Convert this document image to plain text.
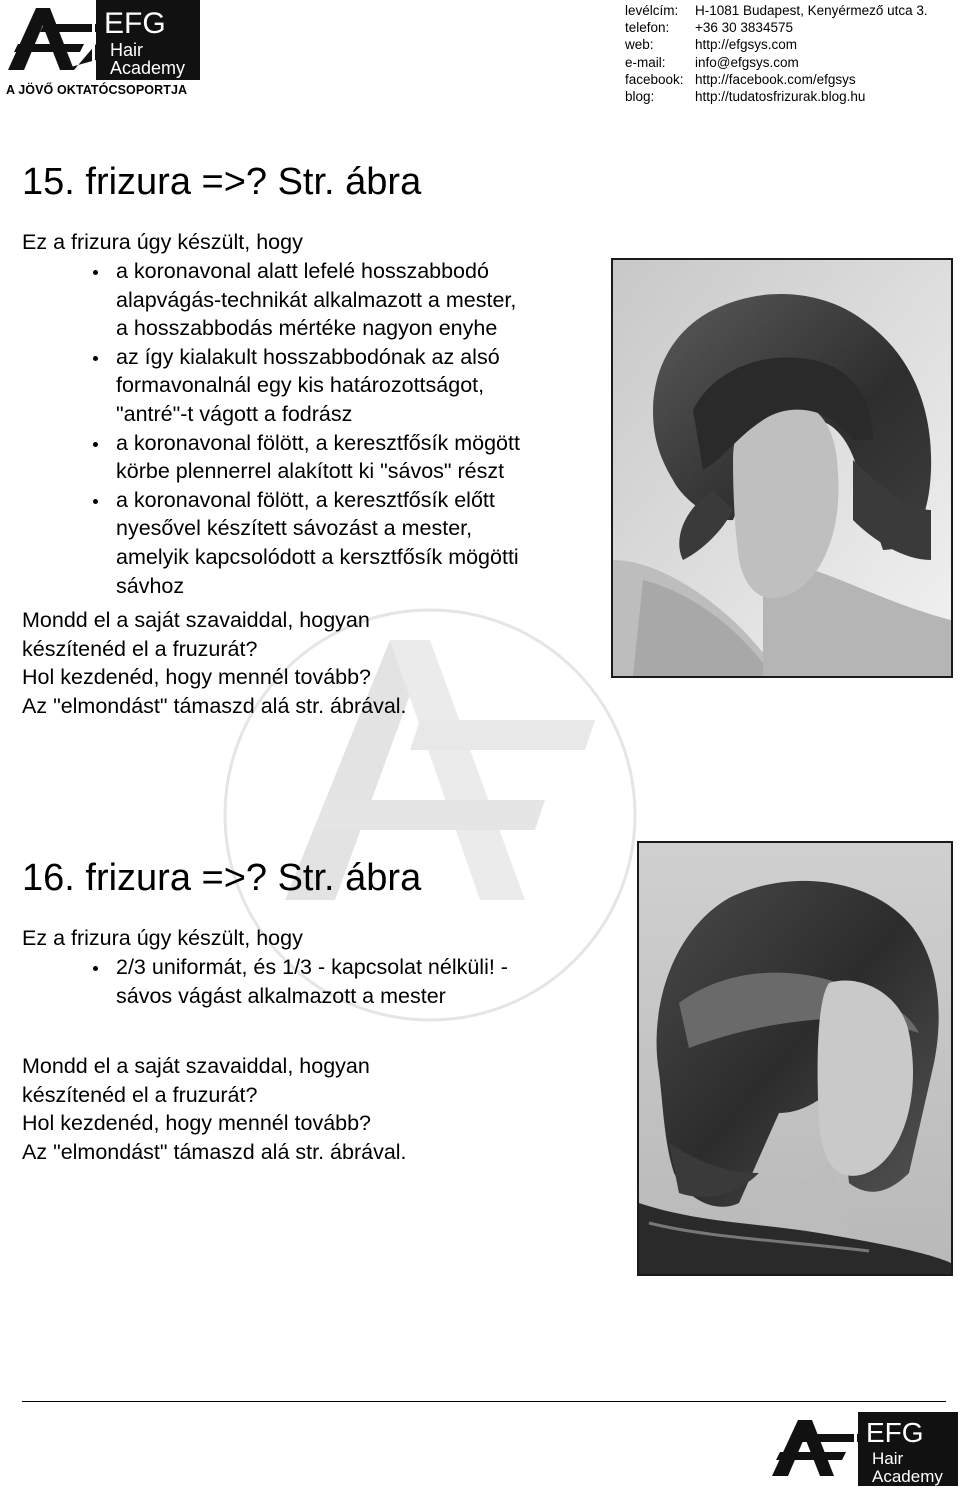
EFG
Hair
Academy
A JÖVŐ OKTATÓCSOPORTJA
levélcím: H-1081 Budapest, Kenyérmező utca 3.
telefon: +36 30 3834575
web:	http://efgsys.com
e-mail: info@efgsys.com
facebook: http://facebook.com/efgsys
blog:	http://tudatosfrizurak.blog.hu
15. frizura =>? Str. ábra
Ez a frizura úgy készült, hogy
a koronavonal alatt lefelé hosszabbodó
alapvágás-technikát alkalmazott a mester,
a hosszabbodás mértéke nagyon enyhe
az így kialakult hosszabbodónak az alsó
formavonalnál egy kis határozottságot,
"antré"-t vágott a fodrász
a koronavonal fölött, a keresztfősík mögött
körbe plennerrel alakított ki "sávos" részt
a koronavonal fölött, a keresztfősík előtt
nyesővel készített sávozást a mester,
amelyik kapcsolódott a kersztfősík mögötti
sávhoz
Mondd el a saját szavaiddal, hogyan
készítenéd el a fruzurát?
Hol kezdenéd, hogy mennél tovább?
Az "elmondást" támaszd alá str. ábrával.
16. frizura =>? Str. ábra
Ez a frizura úgy készült, hogy
2/3 uniformát, és 1/3 - kapcsolat nélküli! -
sávos vágást alkalmazott a mester
Mondd el a saját szavaiddal, hogyan
készítenéd el a fruzurát?
Hol kezdenéd, hogy mennél tovább?
Az "elmondást" támaszd alá str. ábrával.
EFG
Hair
Academy
